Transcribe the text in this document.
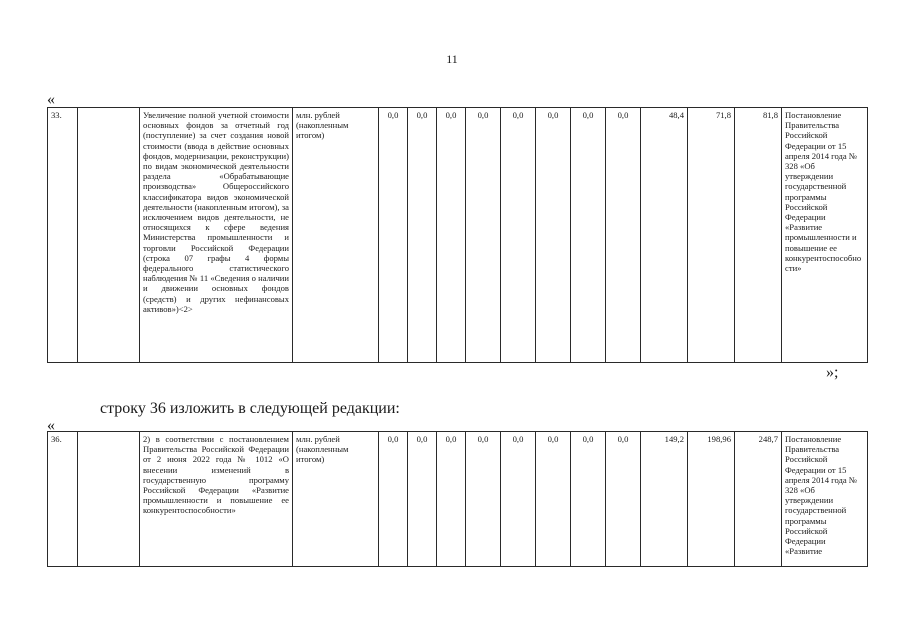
11
«
33.		Увеличение полной учетной стоимости основных фондов за отчетный год (поступление) за счет создания новой стоимости (ввода в действие основных фондов, модернизации, реконструкции) по видам экономической деятельности раздела «Обрабатывающие производства» Общероссийского классификатора видов экономической деятельности (накопленным итогом), за исключением видов деятельности, не относящихся к сфере ведения Министерства промышленности и торговли Российской Федерации (строка 07 графы 4 формы федерального статистического наблюдения № 11 «Сведения о наличии и движении основных фондов (средств) и других нефинансовых активов»)<2>	млн. рублей (накопленным итогом)	0,0	0,0	0,0	0,0	0,0	0,0	0,0	0,0	48,4	71,8	81,8	Постановление Правительства Российской Федерации от 15 апреля 2014 года № 328 «Об утверждении государственной программы Российской Федерации «Развитие промышленности и повышение ее конкурентоспособности»
»;
строку 36 изложить в следующей редакции:
«
36.		2) в соответствии с постановлением Правительства Российской Федерации от 2 июня 2022 года № 1012 «О внесении изменений в государственную программу Российской Федерации «Развитие промышленности и повышение ее конкурентоспособности»	млн. рублей (накопленным итогом)	0,0	0,0	0,0	0,0	0,0	0,0	0,0	0,0	149,2	198,96	248,7	Постановление Правительства Российской Федерации от 15 апреля 2014 года № 328 «Об утверждении государственной программы Российской Федерации «Развитие
